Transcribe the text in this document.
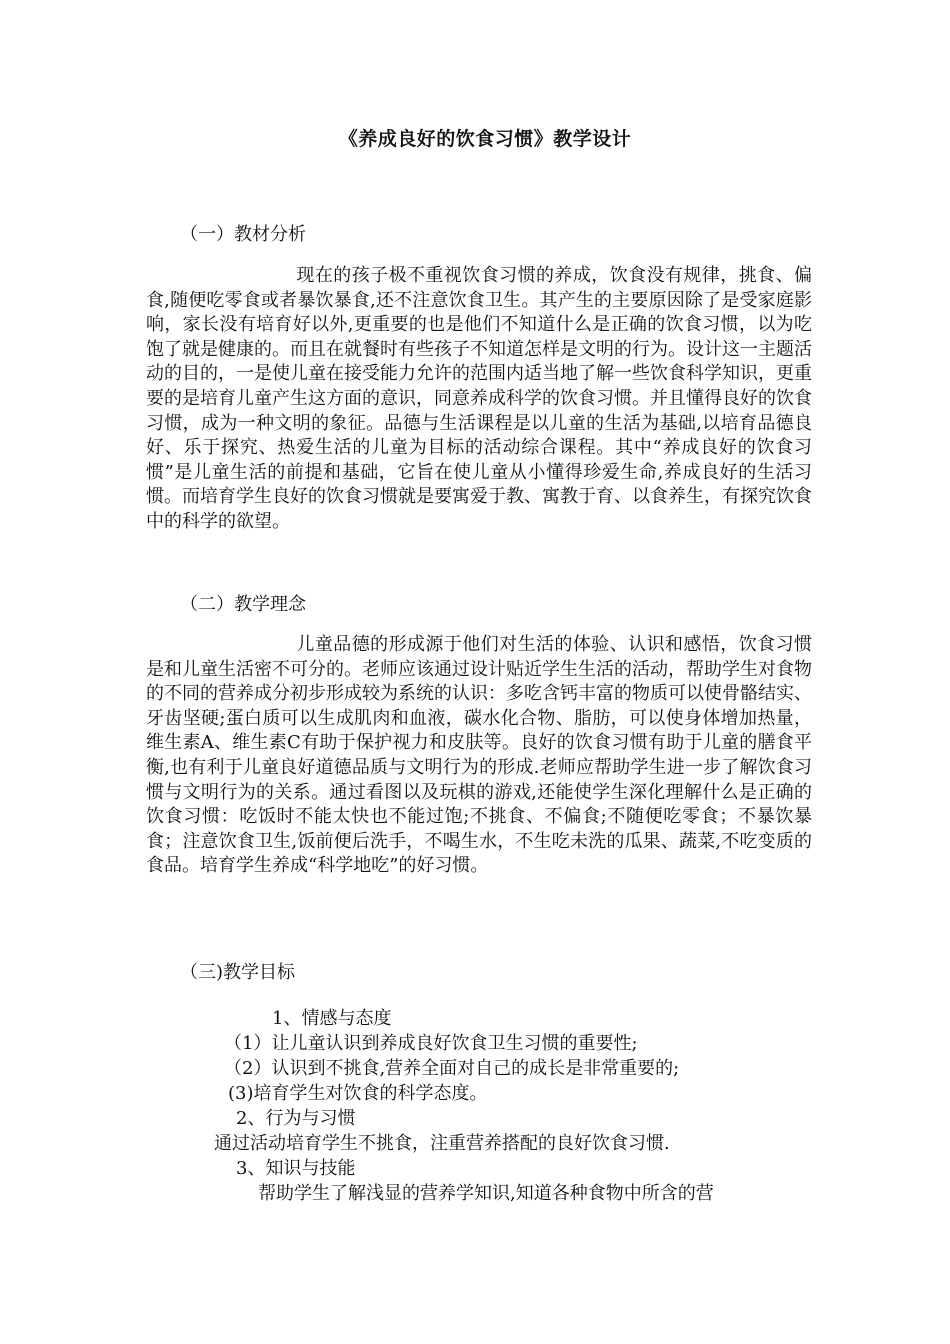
《养成良好的饮食习惯》教学设计
（一）教材分析
现在的孩子极不重视饮食习惯的养成，饮食没有规律，挑食、偏食,随便吃零食或者暴饮暴食,还不注意饮食卫生。其产生的主要原因除了是受家庭影响，家长没有培育好以外,更重要的也是他们不知道什么是正确的饮食习惯，以为吃饱了就是健康的。而且在就餐时有些孩子不知道怎样是文明的行为。设计这一主题活动的目的，一是使儿童在接受能力允许的范围内适当地了解一些饮食科学知识，更重要的是培育儿童产生这方面的意识，同意养成科学的饮食习惯。并且懂得良好的饮食习惯，成为一种文明的象征。品德与生活课程是以儿童的生活为基础,以培育品德良好、乐于探究、热爱生活的儿童为目标的活动综合课程。其中“养成良好的饮食习惯”是儿童生活的前提和基础，它旨在使儿童从小懂得珍爱生命,养成良好的生活习惯。而培育学生良好的饮食习惯就是要寓爱于教、寓教于育、以食养生，有探究饮食中的科学的欲望。
（二）教学理念
儿童品德的形成源于他们对生活的体验、认识和感悟，饮食习惯是和儿童生活密不可分的。老师应该通过设计贴近学生生活的活动，帮助学生对食物的不同的营养成分初步形成较为系统的认识：多吃含钙丰富的物质可以使骨骼结实、牙齿坚硬;蛋白质可以生成肌肉和血液，碳水化合物、脂肪，可以使身体增加热量，维生素A、维生素C有助于保护视力和皮肤等。良好的饮食习惯有助于儿童的膳食平衡,也有利于儿童良好道德品质与文明行为的形成.老师应帮助学生进一步了解饮食习惯与文明行为的关系。通过看图以及玩棋的游戏,还能使学生深化理解什么是正确的饮食习惯：吃饭时不能太快也不能过饱;不挑食、不偏食;不随便吃零食；不暴饮暴食；注意饮食卫生,饭前便后洗手，不喝生水，不生吃未洗的瓜果、蔬菜,不吃变质的食品。培育学生养成“科学地吃”的好习惯。
（三)教学目标
1、情感与态度
（1）让儿童认识到养成良好饮食卫生习惯的重要性;
（2）认识到不挑食,营养全面对自己的成长是非常重要的;
(3)培育学生对饮食的科学态度。
2、行为与习惯
通过活动培育学生不挑食，注重营养搭配的良好饮食习惯.
3、知识与技能
帮助学生了解浅显的营养学知识,知道各种食物中所含的营
